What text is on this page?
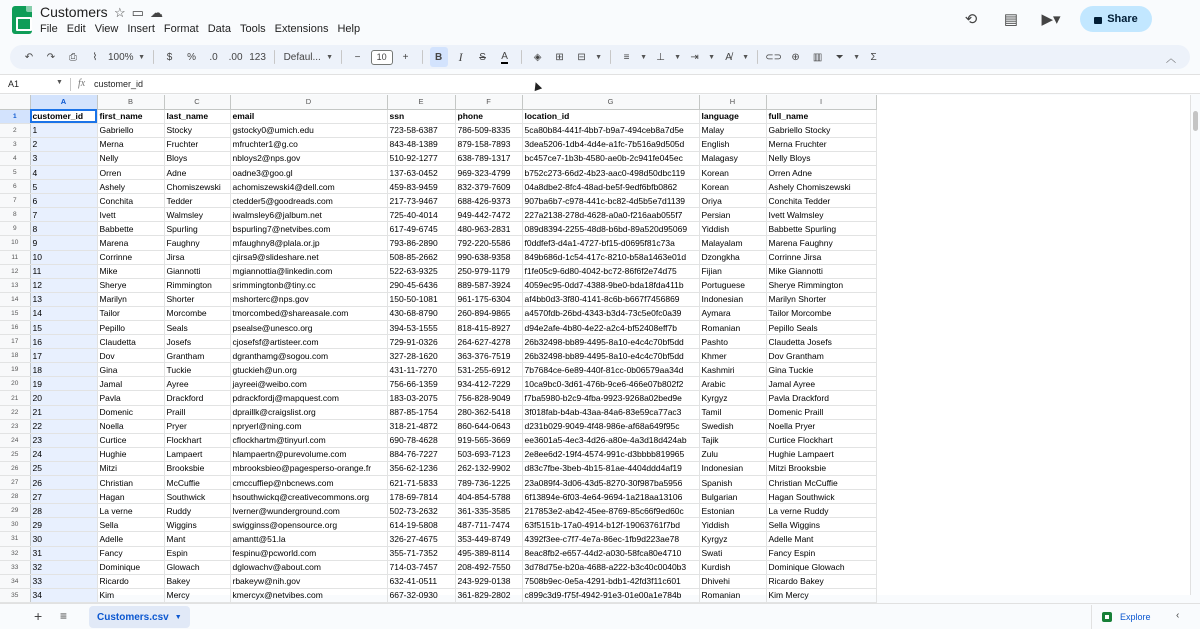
Customers ☆ ▭ ☁
File Edit View Insert Format Data Tools Extensions Help
⟲	▤ ▶▾	Share
↶	↷	⎙	⌇	100% ▼	$	%	.0	.00 123 Defaul... ▼	−	10	+	B	I	S	A	◈	⊞	⊟	▼	≡	▼ ⊥	▼ ⇥	▼	A̸	▼ ⊂⊃ ⊕	▥	⏷	▼	Σ	︿
A1	▼ fx customer_id
	A	B	C	D	E	F	G	H	I
1	customer_id	first_name	last_name	email	ssn	phone	location_id	language	full_name
2	1	Gabriello	Stocky	gstocky0@umich.edu	723-58-6387	786-509-8335	5ca80b84-441f-4bb7-b9a7-494ceb8a7d5e	Malay	Gabriello Stocky
3	2	Merna	Fruchter	mfruchter1@g.co	843-48-1389	879-158-7893	3dea5206-1db4-4d4e-a1fc-7b516a9d505d	English	Merna Fruchter
4	3	Nelly	Bloys	nbloys2@nps.gov	510-92-1277	638-789-1317	bc457ce7-1b3b-4580-ae0b-2c941fe045ec	Malagasy	Nelly Bloys
5	4	Orren	Adne	oadne3@goo.gl	137-63-0452	969-323-4799	b752c273-66d2-4b23-aac0-498d50dbc119	Korean	Orren Adne
6	5	Ashely	Chomiszewski	achomiszewski4@dell.com	459-83-9459	832-379-7609	04a8dbe2-8fc4-48ad-be5f-9edf6bfb0862	Korean	Ashely Chomiszewski
7	6	Conchita	Tedder	ctedder5@goodreads.com	217-73-9467	688-426-9373	907ba6b7-c978-441c-bc82-4d5b5e7d1139	Oriya	Conchita Tedder
8	7	Ivett	Walmsley	iwalmsley6@jalbum.net	725-40-4014	949-442-7472	227a2138-278d-4628-a0a0-f216aab055f7	Persian	Ivett Walmsley
9	8	Babbette	Spurling	bspurling7@netvibes.com	617-49-6745	480-963-2831	089d8394-2255-48d8-b6bd-89a520d95069	Yiddish	Babbette Spurling
10	9	Marena	Faughny	mfaughny8@plala.or.jp	793-86-2890	792-220-5586	f0ddfef3-d4a1-4727-bf15-d0695f81c73a	Malayalam	Marena Faughny
11	10	Corrinne	Jirsa	cjirsa9@slideshare.net	508-85-2662	990-638-9358	849b686d-1c54-417c-8210-b58a1463e01d	Dzongkha	Corrinne Jirsa
12	11	Mike	Giannotti	mgiannottia@linkedin.com	522-63-9325	250-979-1179	f1fe05c9-6d80-4042-bc72-86f6f2e74d75	Fijian	Mike Giannotti
13	12	Sherye	Rimmington	srimmingtonb@tiny.cc	290-45-6436	889-587-3924	4059ec95-0dd7-4388-9be0-bda18fda411b	Portuguese	Sherye Rimmington
14	13	Marilyn	Shorter	mshorterc@nps.gov	150-50-1081	961-175-6304	af4bb0d3-3f80-4141-8c6b-b667f7456869	Indonesian	Marilyn Shorter
15	14	Tailor	Morcombe	tmorcombed@shareasale.com	430-68-8790	260-894-9865	a4570fdb-26bd-4343-b3d4-73c5e0fc0a39	Aymara	Tailor Morcombe
16	15	Pepillo	Seals	psealse@unesco.org	394-53-1555	818-415-8927	d94e2afe-4b80-4e22-a2c4-bf52408eff7b	Romanian	Pepillo Seals
17	16	Claudetta	Josefs	cjosefsf@artisteer.com	729-91-0326	264-627-4278	26b32498-bb89-4495-8a10-e4c4c70bf5dd	Pashto	Claudetta Josefs
18	17	Dov	Grantham	dgranthamg@sogou.com	327-28-1620	363-376-7519	26b32498-bb89-4495-8a10-e4c4c70bf5dd	Khmer	Dov Grantham
19	18	Gina	Tuckie	gtuckieh@un.org	431-11-7270	531-255-6912	7b7684ce-6e89-440f-81cc-0b06579aa34d	Kashmiri	Gina Tuckie
20	19	Jamal	Ayree	jayreei@weibo.com	756-66-1359	934-412-7229	10ca9bc0-3d61-476b-9ce6-466e07b802f2	Arabic	Jamal Ayree
21	20	Pavla	Drackford	pdrackfordj@mapquest.com	183-03-2075	756-828-9049	f7ba5980-b2c9-4fba-9923-9268a02bed9e	Kyrgyz	Pavla Drackford
22	21	Domenic	Praill	dpraillk@craigslist.org	887-85-1754	280-362-5418	3f018fab-b4ab-43aa-84a6-83e59ca77ac3	Tamil	Domenic Praill
23	22	Noella	Pryer	npryerl@ning.com	318-21-4872	860-644-0643	d231b029-9049-4f48-986e-af68a649f95c	Swedish	Noella Pryer
24	23	Curtice	Flockhart	cflockhartm@tinyurl.com	690-78-4628	919-565-3669	ee3601a5-4ec3-4d26-a80e-4a3d18d424ab	Tajik	Curtice Flockhart
25	24	Hughie	Lampaert	hlampaertn@purevolume.com	884-76-7227	503-693-7123	2e8ee6d2-19f4-4574-991c-d3bbbb819965	Zulu	Hughie Lampaert
26	25	Mitzi	Brooksbie	mbrooksbieo@pagesperso-orange.fr	356-62-1236	262-132-9902	d83c7fbe-3beb-4b15-81ae-4404ddd4af19	Indonesian	Mitzi Brooksbie
27	26	Christian	McCuffie	cmccuffiep@nbcnews.com	621-71-5833	789-736-1225	23a089f4-3d06-43d5-8270-30f987ba5956	Spanish	Christian McCuffie
28	27	Hagan	Southwick	hsouthwickq@creativecommons.org	178-69-7814	404-854-5788	6f13894e-6f03-4e64-9694-1a218aa13106	Bulgarian	Hagan Southwick
29	28	La verne	Ruddy	lverner@wunderground.com	502-73-2632	361-335-3585	217853e2-ab42-45ee-8769-85c66f9ed60c	Estonian	La verne Ruddy
30	29	Sella	Wiggins	swigginss@opensource.org	614-19-5808	487-711-7474	63f5151b-17a0-4914-b12f-19063761f7bd	Yiddish	Sella Wiggins
31	30	Adelle	Mant	amantt@51.la	326-27-4675	353-449-8749	4392f3ee-c7f7-4e7a-86ec-1fb9d223ae78	Kyrgyz	Adelle Mant
32	31	Fancy	Espin	fespinu@pcworld.com	355-71-7352	495-389-8114	8eac8fb2-e657-44d2-a030-58fca80e4710	Swati	Fancy Espin
33	32	Dominique	Glowach	dglowachv@about.com	714-03-7457	208-492-7550	3d78d75e-b20a-4688-a222-b3c40c0040b3	Kurdish	Dominique Glowach
34	33	Ricardo	Bakey	rbakeyw@nih.gov	632-41-0511	243-929-0138	7508b9ec-0e5a-4291-bdb1-42fd3f11c601	Dhivehi	Ricardo Bakey
35	34	Kim	Mercy	kmercyx@netvibes.com	667-32-0930	361-829-2802	c899c3d9-f75f-4942-91e3-01e00a1e784b	Romanian	Kim Mercy
+ ≡	Customers.csv ▼	Explore	‹
